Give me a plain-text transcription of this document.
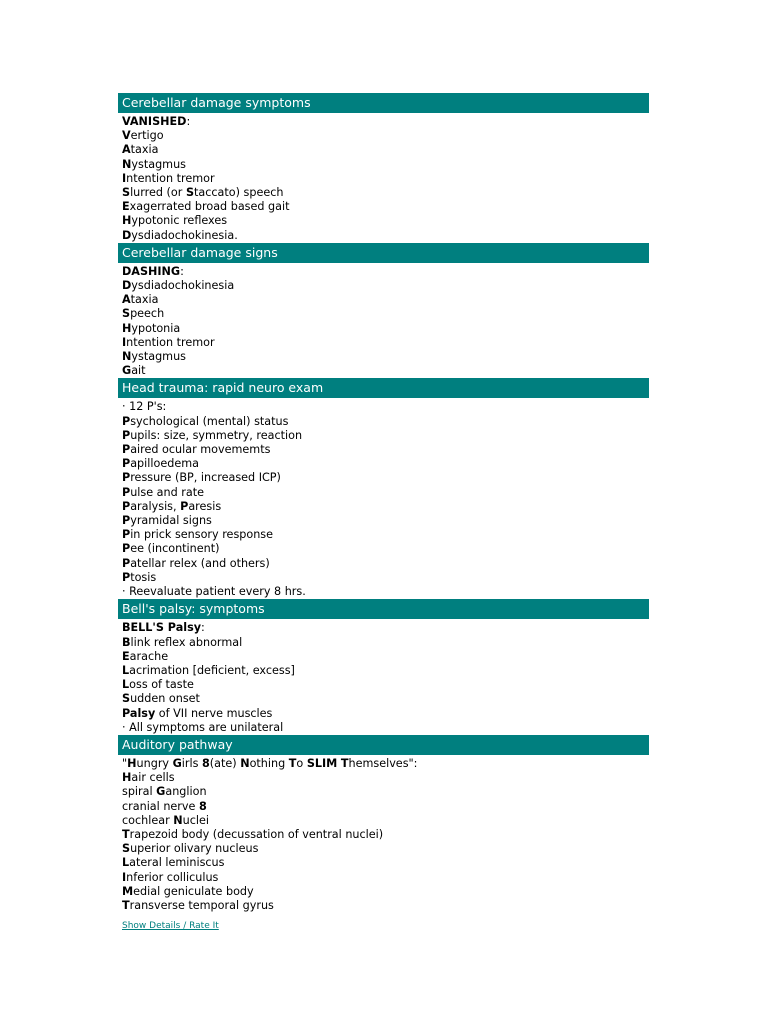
Cerebellar damage symptoms
VANISHED:
Vertigo
Ataxia
Nystagmus
Intention tremor
Slurred (or Staccato) speech
Exagerrated broad based gait
Hypotonic reflexes
Dysdiadochokinesia.
Cerebellar damage signs
DASHING:
Dysdiadochokinesia
Ataxia
Speech
Hypotonia
Intention tremor
Nystagmus
Gait
Head trauma: rapid neuro exam
· 12 P's:
Psychological (mental) status
Pupils: size, symmetry, reaction
Paired ocular movememts
Papilloedema
Pressure (BP, increased ICP)
Pulse and rate
Paralysis, Paresis
Pyramidal signs
Pin prick sensory response
Pee (incontinent)
Patellar relex (and others)
Ptosis
· Reevaluate patient every 8 hrs.
Bell's palsy: symptoms
BELL'S Palsy:
Blink reflex abnormal
Earache
Lacrimation [deficient, excess]
Loss of taste
Sudden onset
Palsy of VII nerve muscles
· All symptoms are unilateral
Auditory pathway
"Hungry Girls 8(ate) Nothing To SLIM Themselves":
Hair cells
spiral Ganglion
cranial nerve 8
cochlear Nuclei
Trapezoid body (decussation of ventral nuclei)
Superior olivary nucleus
Lateral leminiscus
Inferior colliculus
Medial geniculate body
Transverse temporal gyrus
Show Details / Rate It
